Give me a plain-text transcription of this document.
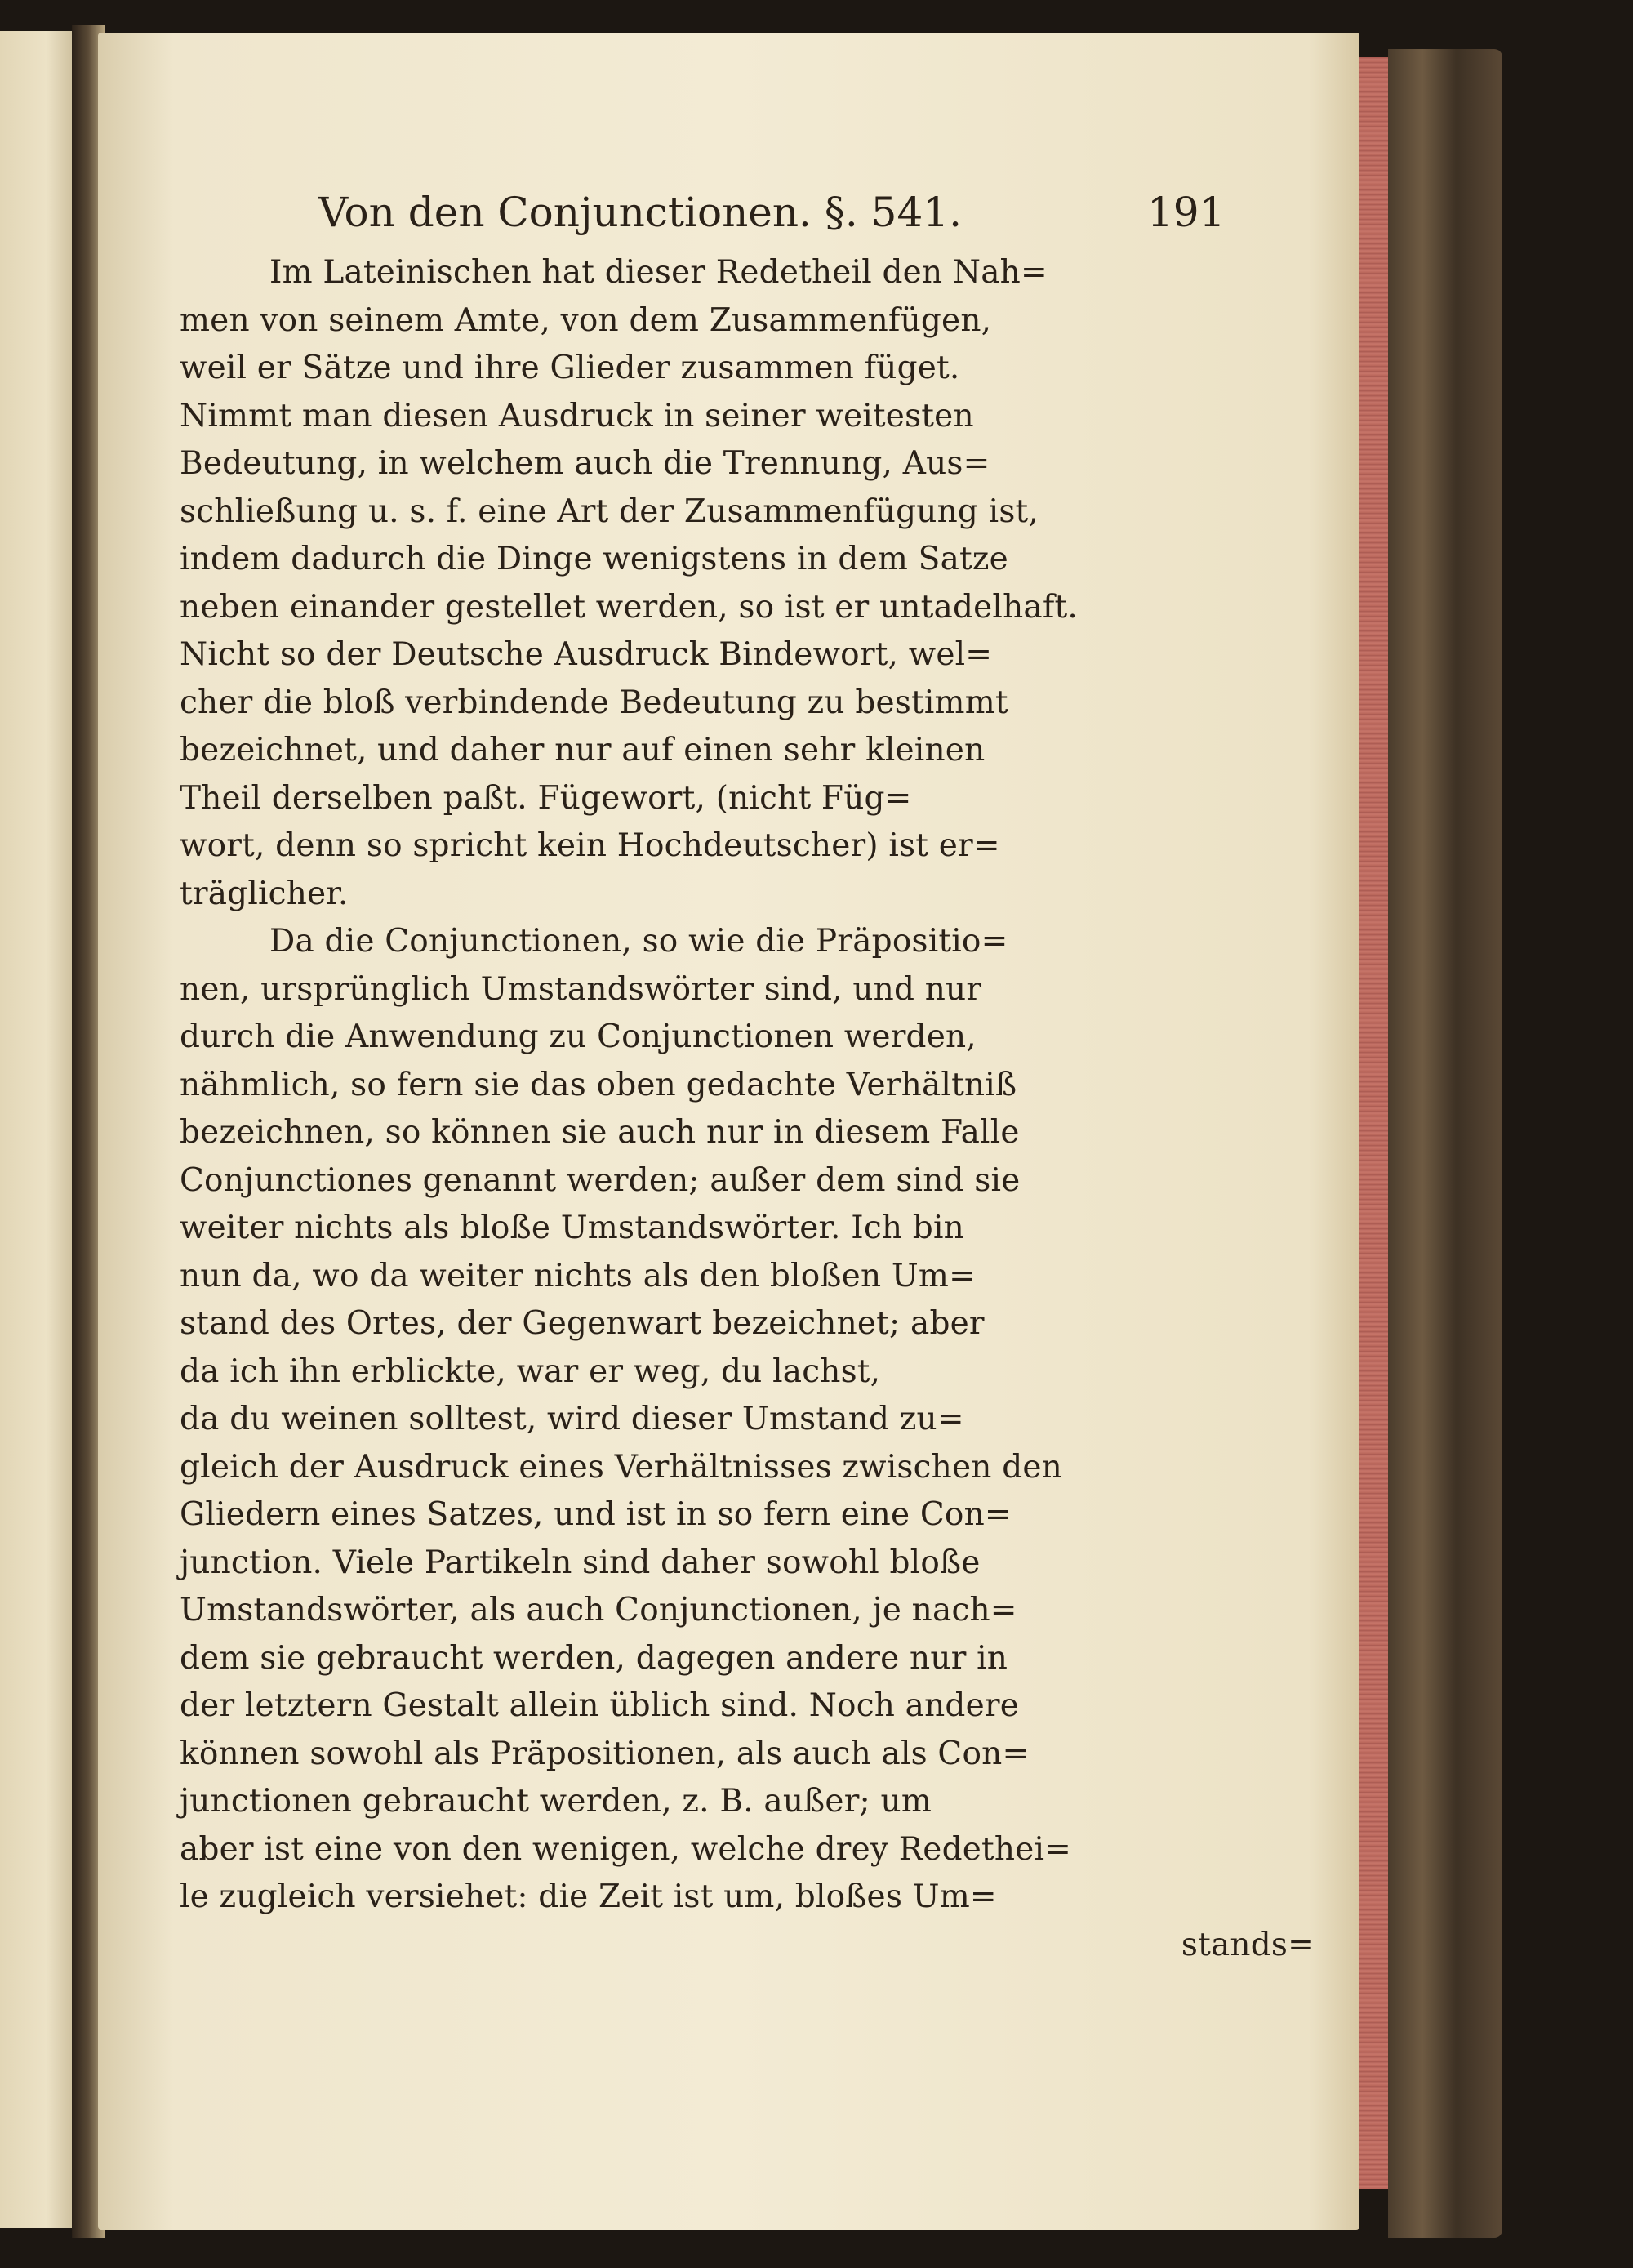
Von den Conjunctionen. §. 541.	191
Im Lateinischen hat dieser Redetheil den Nah=
men von seinem Amte, von dem Zusammenfügen,
weil er Sätze und ihre Glieder zusammen füget.
Nimmt man diesen Ausdruck in seiner weitesten
Bedeutung, in welchem auch die Trennung, Aus=
schließung u. s. f. eine Art der Zusammenfügung ist,
indem dadurch die Dinge wenigstens in dem Satze
neben einander gestellet werden, so ist er untadelhaft.
Nicht so der Deutsche Ausdruck Bindewort, wel=
cher die bloß verbindende Bedeutung zu bestimmt
bezeichnet, und daher nur auf einen sehr kleinen
Theil derselben paßt. Fügewort, (nicht Füg=
wort, denn so spricht kein Hochdeutscher) ist er=
träglicher.
Da die Conjunctionen, so wie die Präpositio=
nen, ursprünglich Umstandswörter sind, und nur
durch die Anwendung zu Conjunctionen werden,
nähmlich, so fern sie das oben gedachte Verhältniß
bezeichnen, so können sie auch nur in diesem Falle
Conjunctiones genannt werden; außer dem sind sie
weiter nichts als bloße Umstandswörter. Ich bin
nun da, wo da weiter nichts als den bloßen Um=
stand des Ortes, der Gegenwart bezeichnet; aber
da ich ihn erblickte, war er weg, du lachst,
da du weinen solltest, wird dieser Umstand zu=
gleich der Ausdruck eines Verhältnisses zwischen den
Gliedern eines Satzes, und ist in so fern eine Con=
junction. Viele Partikeln sind daher sowohl bloße
Umstandswörter, als auch Conjunctionen, je nach=
dem sie gebraucht werden, dagegen andere nur in
der letztern Gestalt allein üblich sind. Noch andere
können sowohl als Präpositionen, als auch als Con=
junctionen gebraucht werden, z. B. außer; um
aber ist eine von den wenigen, welche drey Redethei=
le zugleich versiehet: die Zeit ist um, bloßes Um=
stands=
